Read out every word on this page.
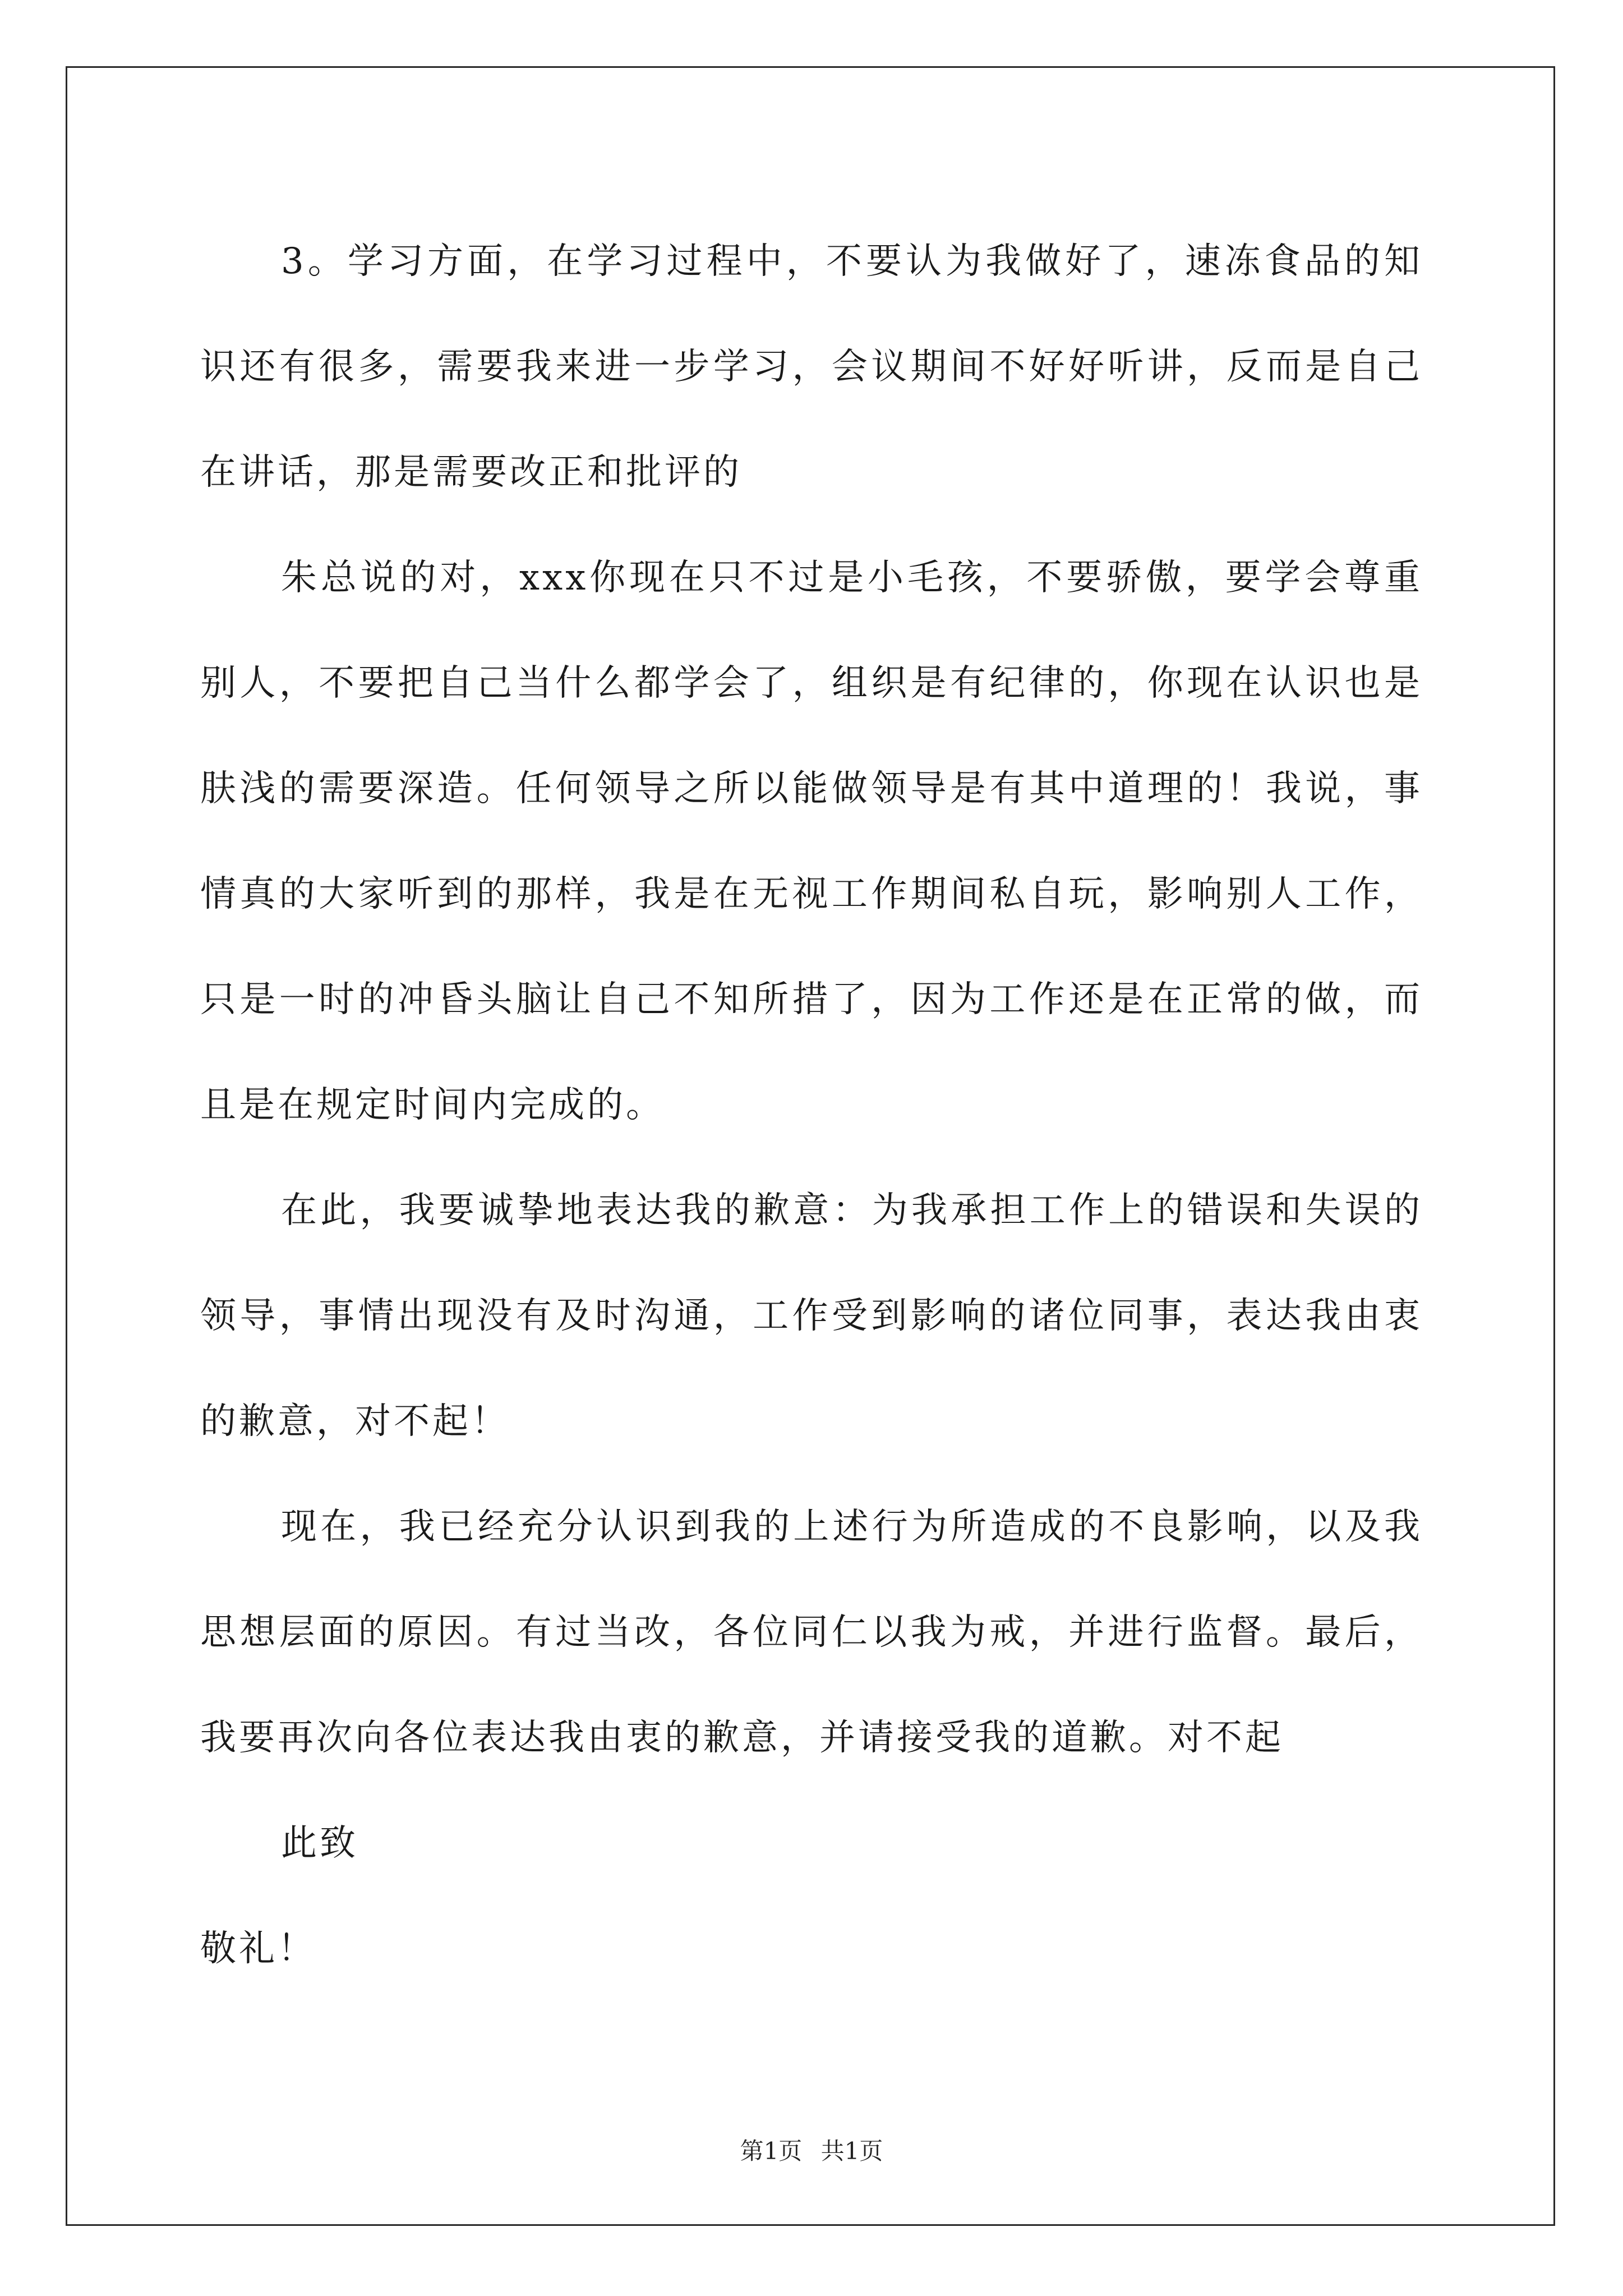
3。学习方面，在学习过程中，不要认为我做好了，速冻食品的知识还有很多，需要我来进一步学习，会议期间不好好听讲，反而是自己在讲话，那是需要改正和批评的

朱总说的对，xxx你现在只不过是小毛孩，不要骄傲，要学会尊重别人，不要把自己当什么都学会了，组织是有纪律的，你现在认识也是肤浅的需要深造。任何领导之所以能做领导是有其中道理的！我说，事情真的大家听到的那样，我是在无视工作期间私自玩，影响别人工作，只是一时的冲昏头脑让自己不知所措了，因为工作还是在正常的做，而且是在规定时间内完成的。

在此，我要诚挚地表达我的歉意：为我承担工作上的错误和失误的领导，事情出现没有及时沟通，工作受到影响的诸位同事，表达我由衷的歉意，对不起！

现在，我已经充分认识到我的上述行为所造成的不良影响，以及我思想层面的原因。有过当改，各位同仁以我为戒，并进行监督。最后，我要再次向各位表达我由衷的歉意，并请接受我的道歉。对不起

此致

敬礼！

第1页 共1页
